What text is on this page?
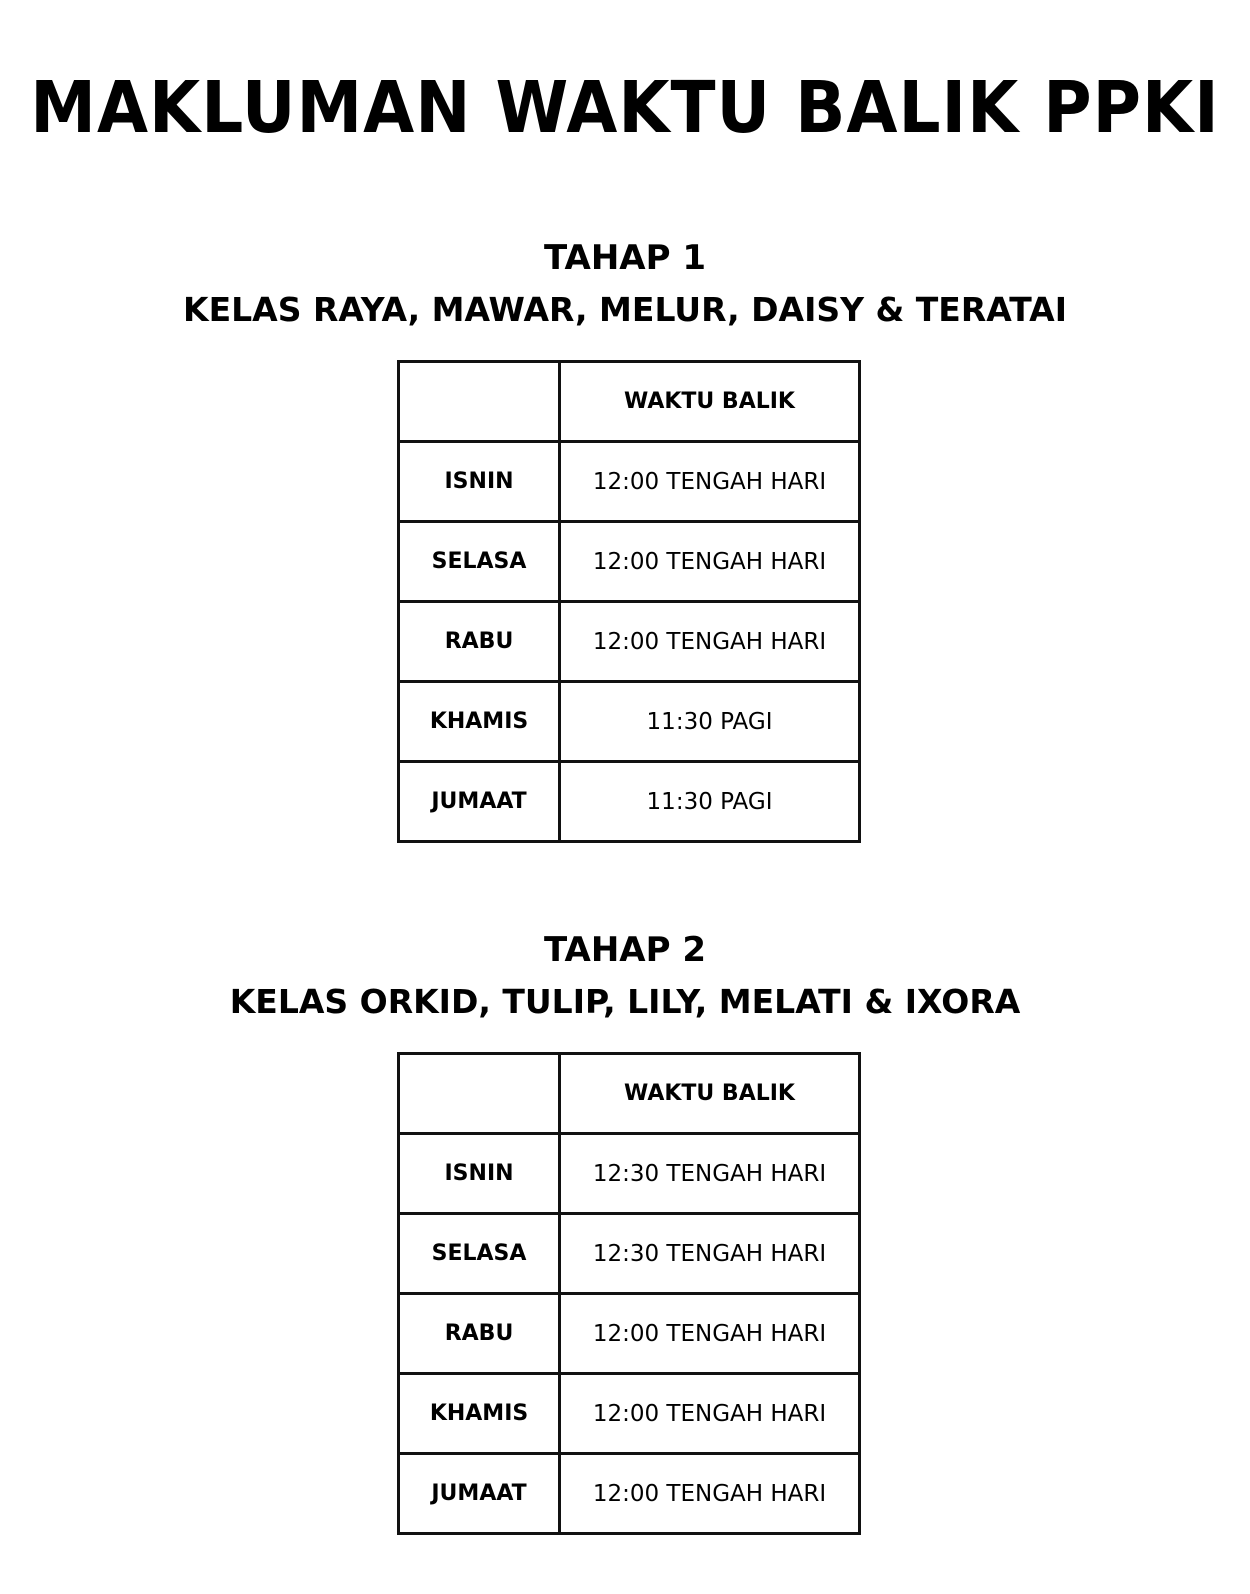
MAKLUMAN WAKTU BALIK PPKI
TAHAP 1
KELAS RAYA, MAWAR, MELUR, DAISY & TERATAI
	WAKTU BALIK
ISNIN	12:00 TENGAH HARI
SELASA	12:00 TENGAH HARI
RABU	12:00 TENGAH HARI
KHAMIS	11:30 PAGI
JUMAAT	11:30 PAGI
TAHAP 2
KELAS ORKID, TULIP, LILY, MELATI & IXORA
	WAKTU BALIK
ISNIN	12:30 TENGAH HARI
SELASA	12:30 TENGAH HARI
RABU	12:00 TENGAH HARI
KHAMIS	12:00 TENGAH HARI
JUMAAT	12:00 TENGAH HARI
